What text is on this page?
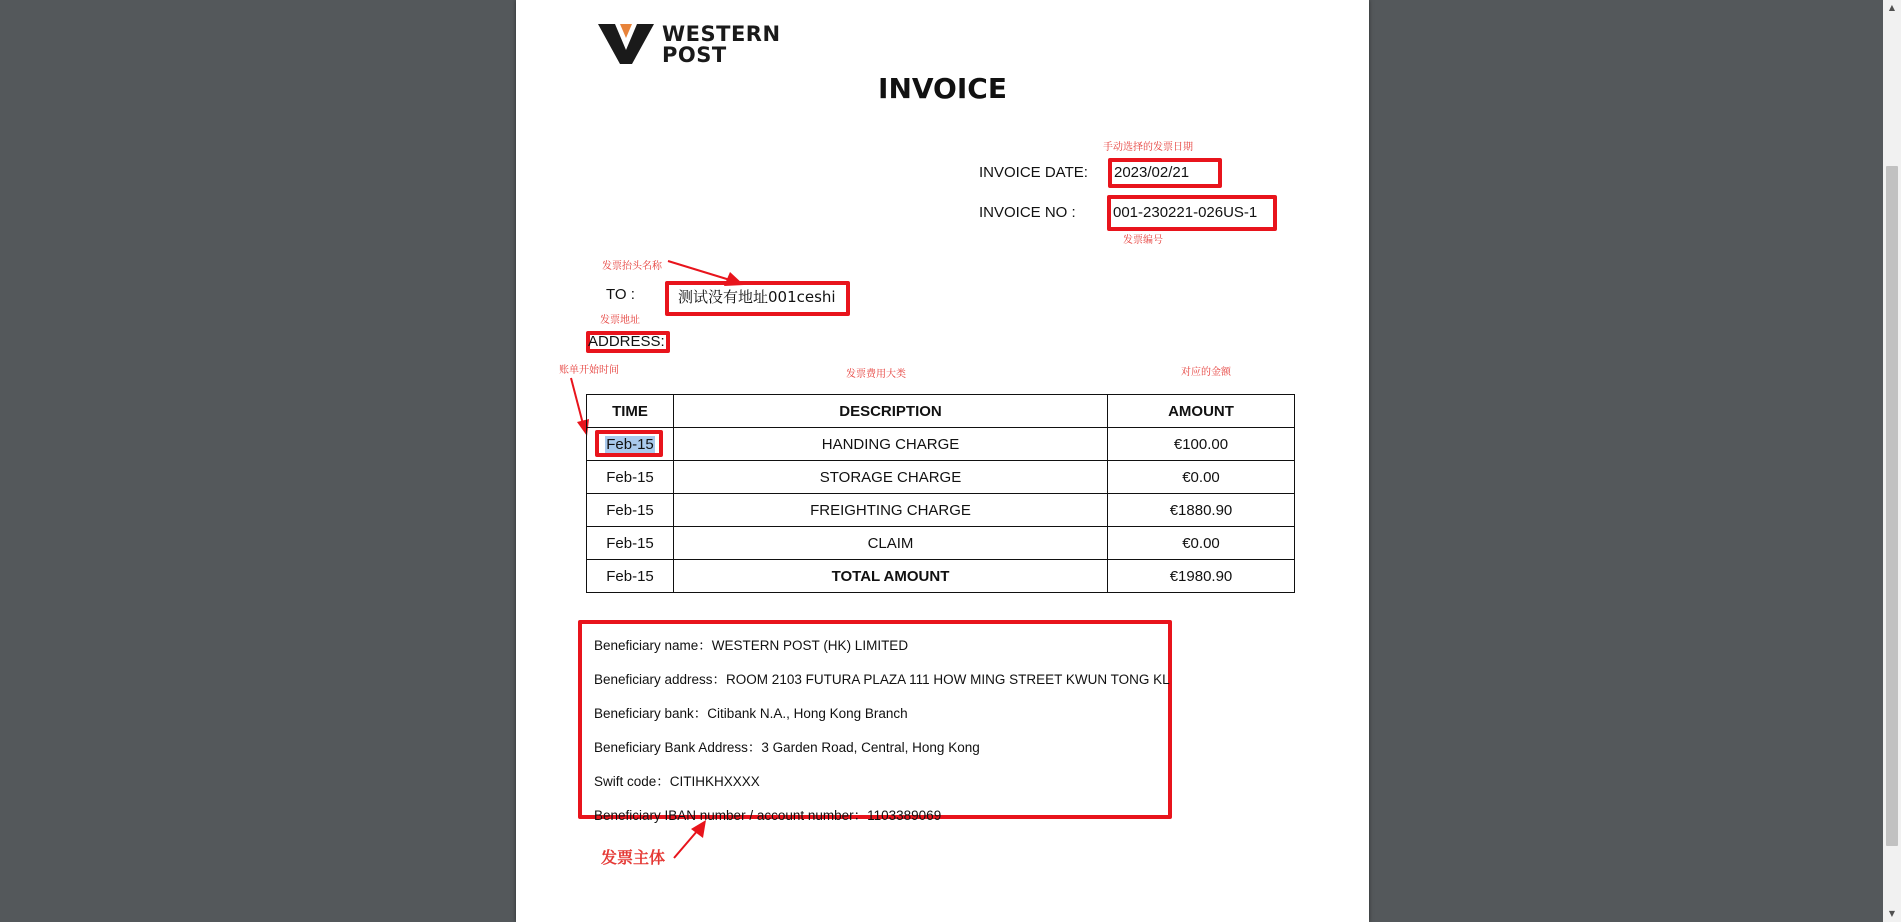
WESTERN
POST
INVOICE
手动选择的发票日期
INVOICE DATE: 2023/02/21
INVOICE NO : 001-230221-026US-1
发票编号
发票抬头名称
TO :	测试没有地址001ceshi
发票地址
ADDRESS:
账单开始时间	发票费用大类	对应的金额
TIME	DESCRIPTION	AMOUNT
Feb-15	HANDING CHARGE	€100.00
Feb-15	STORAGE CHARGE	€0.00
Feb-15	FREIGHTING CHARGE	€1880.90
Feb-15	CLAIM	€0.00
Feb-15	TOTAL AMOUNT	€1980.90
Beneficiary name：WESTERN POST (HK) LIMITED
Beneficiary address：ROOM 2103 FUTURA PLAZA 111 HOW MING STREET KWUN TONG KL
Beneficiary bank：Citibank N.A., Hong Kong Branch
Beneficiary Bank Address：3 Garden Road, Central, Hong Kong
Swift code：CITIHKHXXXX
Beneficiary IBAN number / account number：1103389069
发票主体
▲
▼
